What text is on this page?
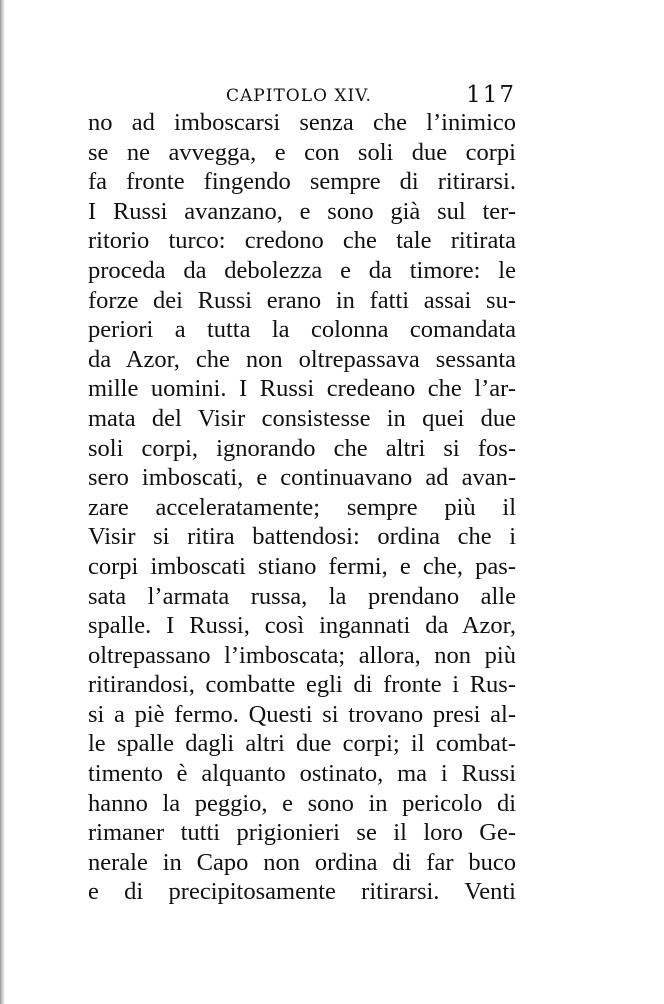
CAPITOLO XIV.	117
no ad imboscarsi senza che l’inimico
se ne avvegga, e con soli due corpi
fa fronte fingendo sempre di ritirarsi.
I Russi avanzano, e sono già sul ter-
ritorio turco: credono che tale ritirata
proceda da debolezza e da timore: le
forze dei Russi erano in fatti assai su-
periori a tutta la colonna comandata
da Azor, che non oltrepassava sessanta
mille uomini. I Russi credeano che l’ar-
mata del Visir consistesse in quei due
soli corpi, ignorando che altri si fos-
sero imboscati, e continuavano ad avan-
zare acceleratamente; sempre più il
Visir si ritira battendosi: ordina che i
corpi imboscati stiano fermi, e che, pas-
sata l’armata russa, la prendano alle
spalle. I Russi, così ingannati da Azor,
oltrepassano l’imboscata; allora, non più
ritirandosi, combatte egli di fronte i Rus-
si a piè fermo. Questi si trovano presi al-
le spalle dagli altri due corpi; il combat-
timento è alquanto ostinato, ma i Russi
hanno la peggio, e sono in pericolo di
rimaner tutti prigionieri se il loro Ge-
nerale in Capo non ordina di far buco
e di precipitosamente ritirarsi. Venti
